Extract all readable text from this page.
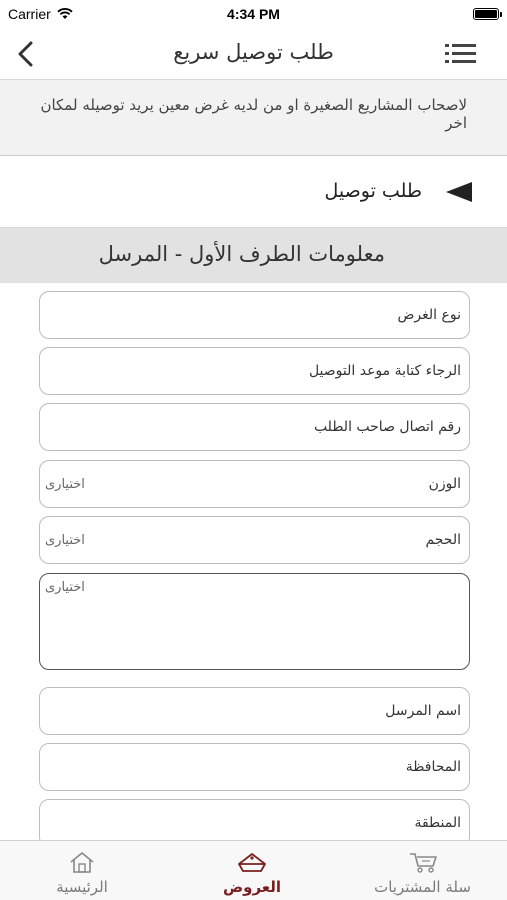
Carrier	4:34 PM
طلب توصيل سريع
لاصحاب المشاريع الصغيرة او من لديه غرض معين يريد توصيله لمكان اخر
طلب توصيل
معلومات الطرف الأول - المرسل
نوع الغرض
الرجاء كتابة موعد التوصيل
رقم اتصال صاحب الطلب
الوزن
اختيارى
الحجم
اختيارى
اختيارى
اسم المرسل
المحافظة
المنطقة
الرئيسية	العروض	سلة المشتريات
